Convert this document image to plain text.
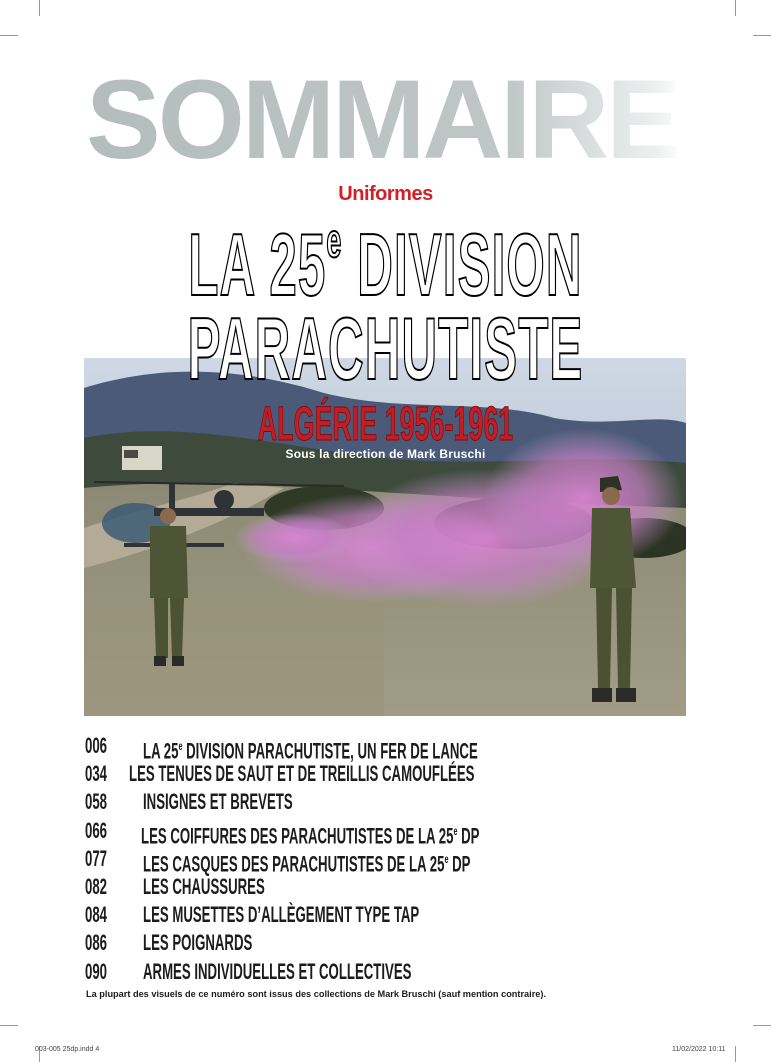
SOMMAIRE
Uniformes
LA 25e DIVISION
PARACHUTISTE
ALGÉRIE 1956-1961
Sous la direction de Mark Bruschi
006	LA 25e DIVISION PARACHUTISTE, UN FER DE LANCE
034 LES TENUES DE SAUT ET DE TREILLIS CAMOUFLÉES
058	INSIGNES ET BREVETS
066	LES COIFFURES DES PARACHUTISTES DE LA 25e DP
077	LES CASQUES DES PARACHUTISTES DE LA 25e DP
082	LES CHAUSSURES
084	LES MUSETTES D’ALLÈGEMENT TYPE TAP
086	LES POIGNARDS
090	ARMES INDIVIDUELLES ET COLLECTIVES
La plupart des visuels de ce numéro sont issus des collections de Mark Bruschi (sauf mention contraire).
003-005 25dp.indd 4	11/02/2022 10:11
